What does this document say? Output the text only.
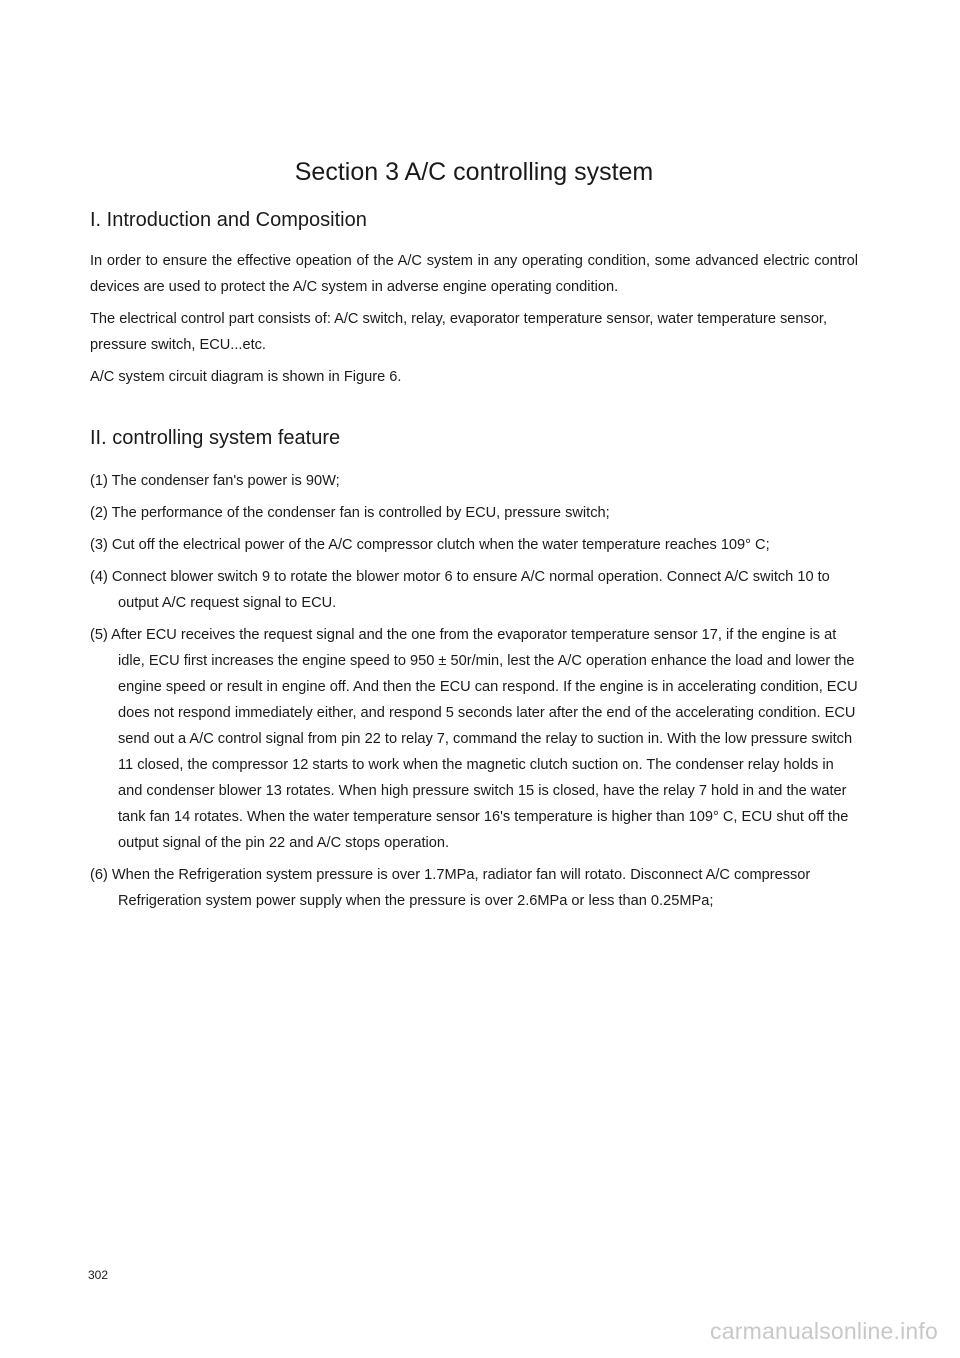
Section 3 A/C controlling system
I. Introduction and Composition

In order to ensure the effective opeation of the A/C system in any operating condition, some advanced electric control devices are used to protect the A/C system in adverse engine operating condition.

The electrical control part consists of: A/C switch, relay, evaporator temperature sensor, water temperature sensor, pressure switch, ECU...etc.

A/C system circuit diagram is shown in Figure 6.

II. controlling system feature
(1) The condenser fan's power is 90W;
(2) The performance of the condenser fan is controlled by ECU, pressure switch;
(3) Cut off the electrical power of the A/C compressor clutch when the water temperature reaches 109° C;
(4) Connect blower switch 9 to rotate the blower motor 6 to ensure A/C normal operation. Connect A/C switch 10 to output A/C request signal to ECU.
(5) After ECU receives the request signal and the one from the evaporator temperature sensor 17, if the engine is at idle, ECU first increases the engine speed to 950 ± 50r/min, lest the A/C operation enhance the load and lower the engine speed or result in engine off. And then the ECU can respond. If the engine is in accelerating condition, ECU does not respond immediately either, and respond 5 seconds later after the end of the accelerating condition. ECU send out a A/C control signal from pin 22 to relay 7, command the relay to suction in. With the low pressure switch 11 closed, the compressor 12 starts to work when the magnetic clutch suction on. The condenser relay holds in and condenser blower 13 rotates. When high pressure switch 15 is closed, have the relay 7 hold in and the water tank fan 14 rotates. When the water temperature sensor 16's temperature is higher than 109° C, ECU shut off the output signal of the pin 22 and A/C stops operation.
(6) When the Refrigeration system pressure is over 1.7MPa, radiator fan will rotato. Disconnect A/C compressor Refrigeration system power supply when the pressure is over 2.6MPa or less than 0.25MPa;
302
carmanualsonline.info
